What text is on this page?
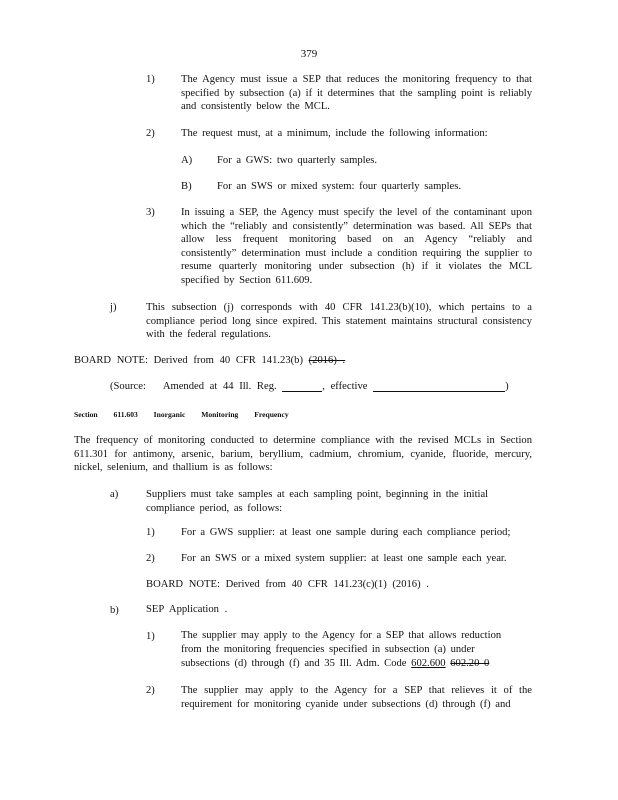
379
1) The Agency must issue a SEP that reduces the monitoring frequency to that specified by subsection (a) if it determines that the sampling point is reliably and consistently below the MCL.
2) The request must, at a minimum, include the following information:
A) For a GWS: two quarterly samples.
B) For an SWS or mixed system: four quarterly samples.
3) In issuing a SEP, the Agency must specify the level of the contaminant upon which the “reliably and consistently” determination was based. All SEPs that allow less frequent monitoring based on an Agency “reliably and consistently” determination must include a condition requiring the supplier to resume quarterly monitoring under subsection (h) if it violates the MCL specified by Section 611.609.
j)	This subsection (j) corresponds with 40 CFR 141.23(b)(10), which pertains to a compliance period long since expired. This statement maintains structural consistency with the federal regulations.
BOARD NOTE: Derived from 40 CFR 141.23(b) (2016) .
(Source: Amended at 44 Ill. Reg.	, effective	)
Section 611.603 Inorganic Monitoring Frequency
The frequency of monitoring conducted to determine compliance with the revised MCLs in Section 611.301 for antimony, arsenic, barium, beryllium, cadmium, chromium, cyanide, fluoride, mercury, nickel, selenium, and thallium is as follows:
a)	Suppliers must take samples at each sampling point, beginning in the initial compliance period, as follows:
1) For a GWS supplier: at least one sample during each compliance period;
2) For an SWS or a mixed system supplier: at least one sample each year.
BOARD NOTE: Derived from 40 CFR 141.23(c)(1) (2016) .
b)	SEP Application .
1) The supplier may apply to the Agency for a SEP that allows reduction
from the monitoring frequencies specified in subsection (a) under
subsections (d) through (f) and 35 Ill. Adm. Code 602.600 602.20 0
2) The supplier may apply to the Agency for a SEP that relieves it of the requirement for monitoring cyanide under subsections (d) through (f) and
